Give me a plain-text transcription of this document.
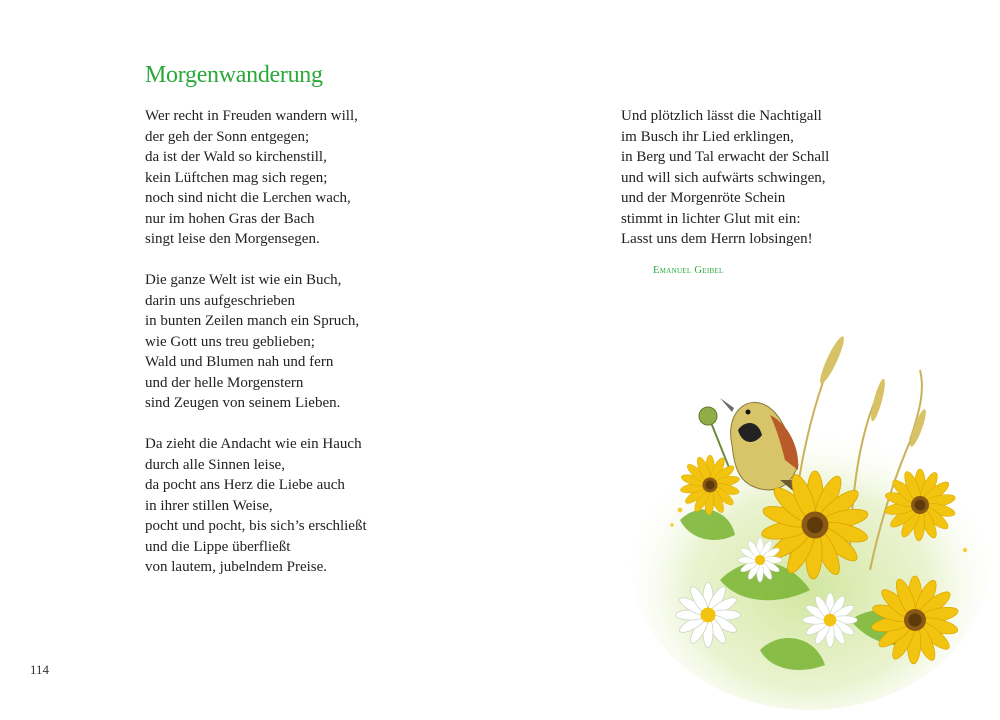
Morgenwanderung
Wer recht in Freuden wandern will,
der geh der Sonn entgegen;
da ist der Wald so kirchenstill,
kein Lüftchen mag sich regen;
noch sind nicht die Lerchen wach,
nur im hohen Gras der Bach
singt leise den Morgensegen.
Die ganze Welt ist wie ein Buch,
darin uns aufgeschrieben
in bunten Zeilen manch ein Spruch,
wie Gott uns treu geblieben;
Wald und Blumen nah und fern
und der helle Morgenstern
sind Zeugen von seinem Lieben.
Da zieht die Andacht wie ein Hauch
durch alle Sinnen leise,
da pocht ans Herz die Liebe auch
in ihrer stillen Weise,
pocht und pocht, bis sich’s erschließt
und die Lippe überfließt
von lautem, jubelndem Preise.
Und plötzlich lässt die Nachtigall
im Busch ihr Lied erklingen,
in Berg und Tal erwacht der Schall
und will sich aufwärts schwingen,
und der Morgenröte Schein
stimmt in lichter Glut mit ein:
Lasst uns dem Herrn lobsingen!
Emanuel Geibel
114
